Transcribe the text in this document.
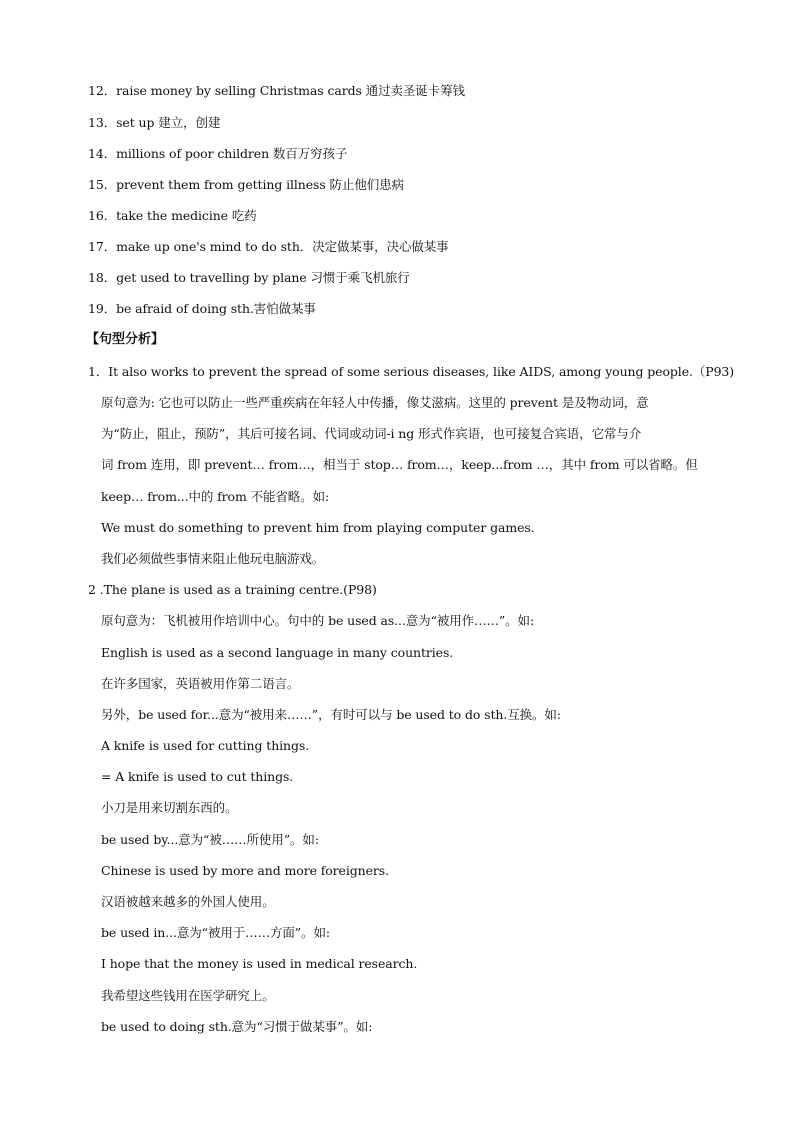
12．raise money by selling Christmas cards 通过卖圣诞卡筹钱
13．set up 建立，创建
14．millions of poor children 数百万穷孩子
15．prevent them from getting illness 防止他们患病
16．take the medicine 吃药
17．make up one's mind to do sth．决定做某事，决心做某事
18．get used to travelling by plane 习惯于乘飞机旅行
19．be afraid of doing sth.害怕做某事
【句型分析】
1．It also works to prevent the spread of some serious diseases, like AIDS, among young people.（P93)
原句意为: 它也可以防止一些严重疾病在年轻人中传播，像艾滋病。这里的 prevent 是及物动词，意
为“防止，阻止，预防”，其后可接名词、代词或动词-i ng 形式作宾语，也可接复合宾语，它常与介
词 from 连用，即 prevent… from…，相当于 stop… from…，keep...from …，其中 from 可以省略。但
keep… from...中的 from 不能省略。如:
We must do something to prevent him from playing computer games.
我们必须做些事情来阻止他玩电脑游戏。
2 .The plane is used as a training centre.(P98)
原句意为：飞机被用作培训中心。句中的 be used as...意为“被用作……”。如:
English is used as a second language in many countries.
在许多国家，英语被用作第二语言。
另外，be used for...意为“被用来……”，有时可以与 be used to do sth.互换。如:
A knife is used for cutting things.
= A knife is used to cut things.
小刀是用来切割东西的。
be used by...意为“被……所使用”。如:
Chinese is used by more and more foreigners.
汉语被越来越多的外国人使用。
be used in...意为“被用于……方面”。如:
I hope that the money is used in medical research.
我希望这些钱用在医学研究上。
be used to doing sth.意为“习惯于做某事”。如:
